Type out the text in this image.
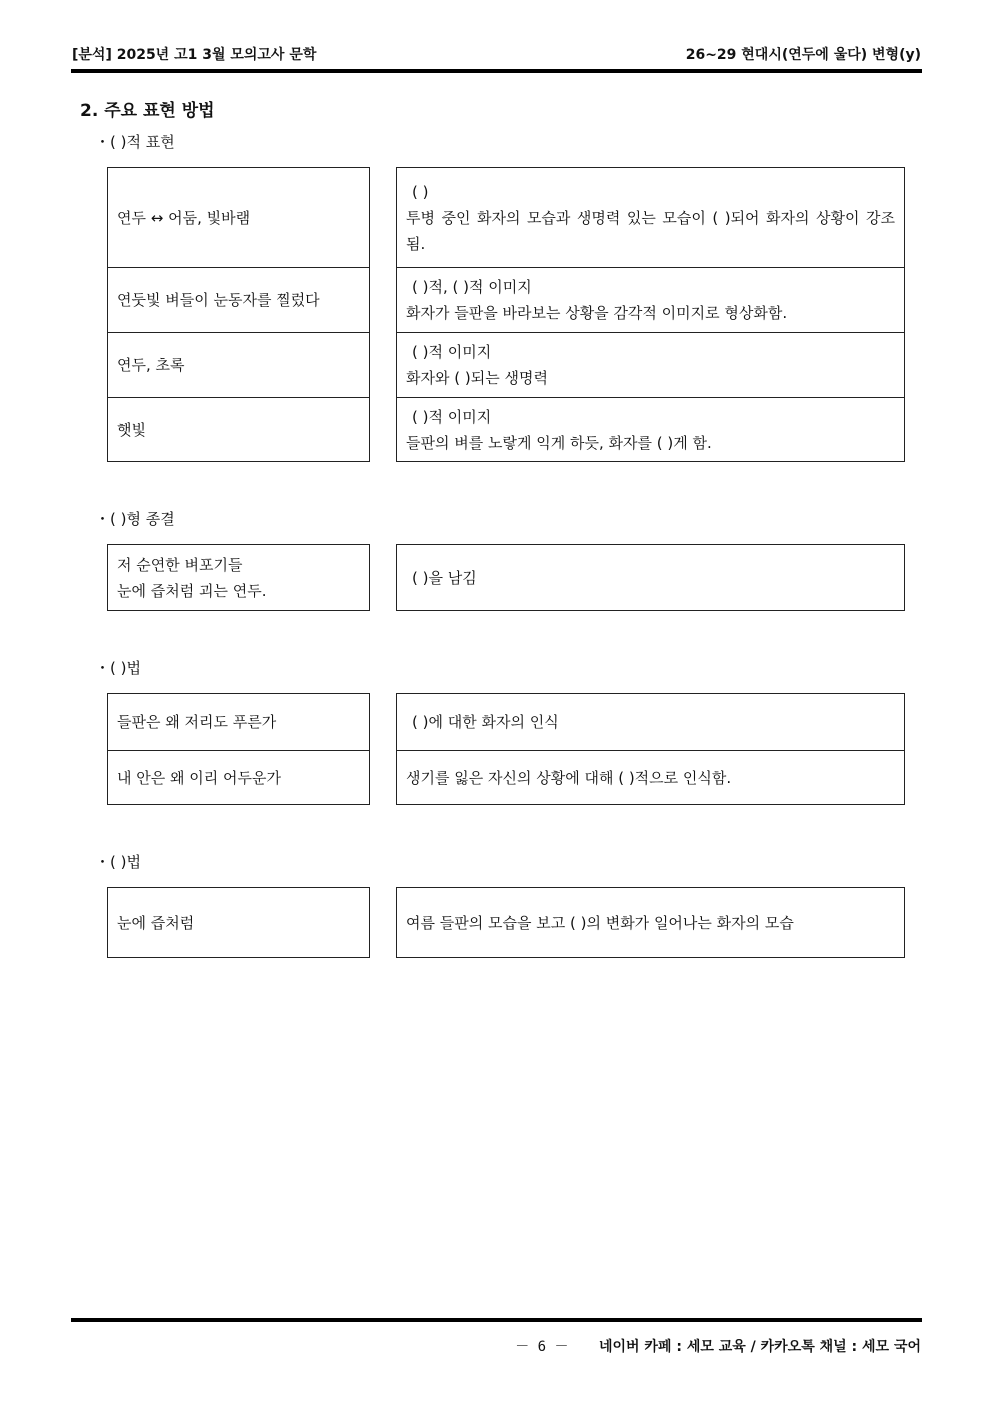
[분석] 2025년 고1 3월 모의고사 문학	26~29 현대시(연두에 울다) 변형(y)
2. 주요 표현 방법
・( )적 표현
연두 ↔ 어둠, 빛바램
연둣빛 벼들이 눈동자를 찔렀다
연두, 초록
햇빛
( )
투병 중인 화자의 모습과 생명력 있는 모습이 ( )되어 화자의 상황이 강조됨.
( )적, ( )적 이미지
화자가 들판을 바라보는 상황을 감각적 이미지로 형상화함.
( )적 이미지
화자와 ( )되는 생명력
( )적 이미지
들판의 벼를 노랗게 익게 하듯, 화자를 ( )게 함.
・( )형 종결
저 순연한 벼포기들
눈에 즙처럼 괴는 연두.
( )을 남김
・( )법
들판은 왜 저리도 푸른가
내 안은 왜 이리 어두운가
( )에 대한 화자의 인식
생기를 잃은 자신의 상황에 대해 ( )적으로 인식함.
・( )법
눈에 즙처럼	여름 들판의 모습을 보고 ( )의 변화가 일어나는 화자의 모습
－ 6 － 네이버 카페 : 세모 교육 / 카카오톡 채널 : 세모 국어
